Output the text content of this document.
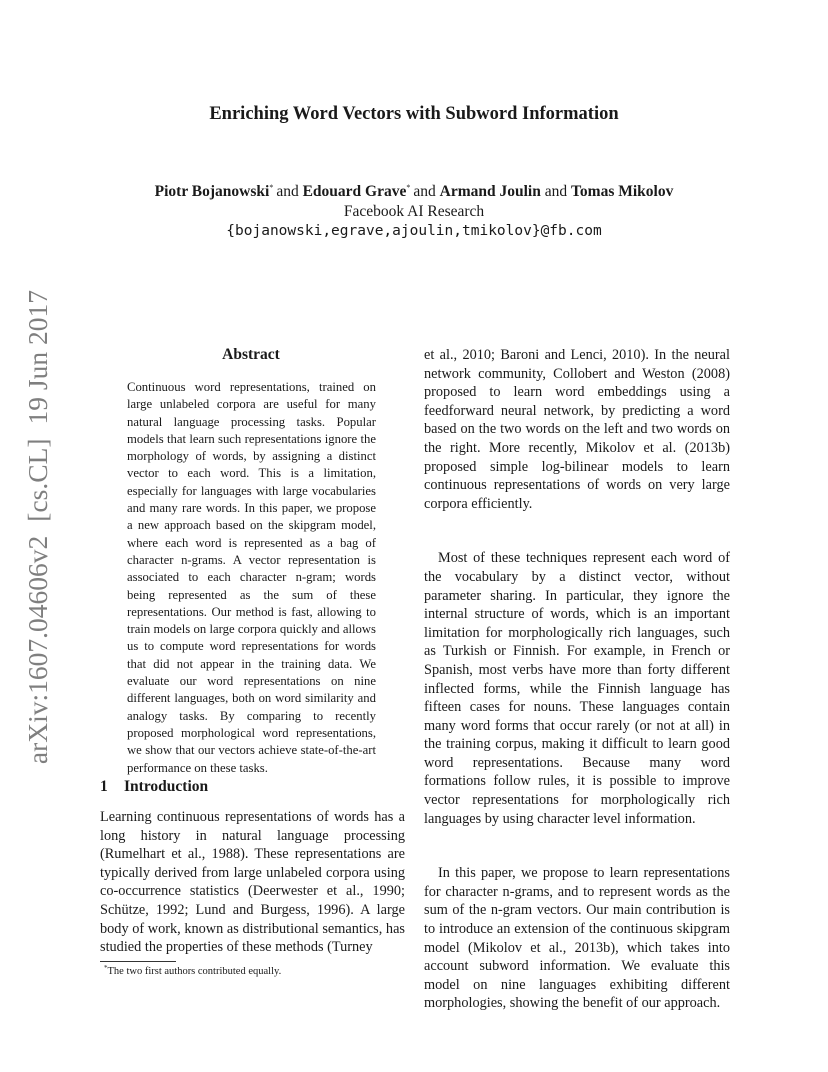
Enriching Word Vectors with Subword Information
Piotr Bojanowski* and Edouard Grave* and Armand Joulin and Tomas Mikolov
Facebook AI Research
{bojanowski,egrave,ajoulin,tmikolov}@fb.com
arXiv:1607.04606v2
[cs.CL]
19 Jun 2017	Abstract

Continuous word representations, trained on large unlabeled corpora are useful for many natural language processing tasks. Popular models that learn such representations ignore the morphology of words, by assigning a distinct vector to each word. This is a limitation, especially for languages with large vocabularies and many rare words. In this paper, we propose a new approach based on the skipgram model, where each word is represented as a bag of character n-grams. A vector representation is associated to each character n-gram; words being represented as the sum of these representations. Our method is fast, allowing to train models on large corpora quickly and allows us to compute word representations for words that did not appear in the training data. We evaluate our word representations on nine different languages, both on word similarity and analogy tasks. By comparing to recently proposed morphological word representations, we show that our vectors achieve state-of-the-art performance on these tasks.

1 Introduction

Learning continuous representations of words has a long history in natural language processing (Rumelhart et al., 1988). These representations are typically derived from large unlabeled corpora using co-occurrence statistics (Deerwester et al., 1990; Schütze, 1992; Lund and Burgess, 1996). A large body of work, known as distributional semantics, has studied the properties of these methods (Turney

et al., 2010; Baroni and Lenci, 2010). In the neural network community, Collobert and Weston (2008) proposed to learn word embeddings using a feedforward neural network, by predicting a word based on the two words on the left and two words on the right. More recently, Mikolov et al. (2013b) proposed simple log-bilinear models to learn continuous representations of words on very large corpora efficiently.

Most of these techniques represent each word of the vocabulary by a distinct vector, without parameter sharing. In particular, they ignore the internal structure of words, which is an important limitation for morphologically rich languages, such as Turkish or Finnish. For example, in French or Spanish, most verbs have more than forty different inflected forms, while the Finnish language has fifteen cases for nouns. These languages contain many word forms that occur rarely (or not at all) in the training corpus, making it difficult to learn good word representations. Because many word formations follow rules, it is possible to improve vector representations for morphologically rich languages by using character level information.

In this paper, we propose to learn representations for character n-grams, and to represent words as the sum of the n-gram vectors. Our main contribution is to introduce an extension of the continuous skipgram model (Mikolov et al., 2013b), which takes into account subword information. We evaluate this model on nine languages exhibiting different morphologies, showing the benefit of our approach.

*The two first authors contributed equally.
